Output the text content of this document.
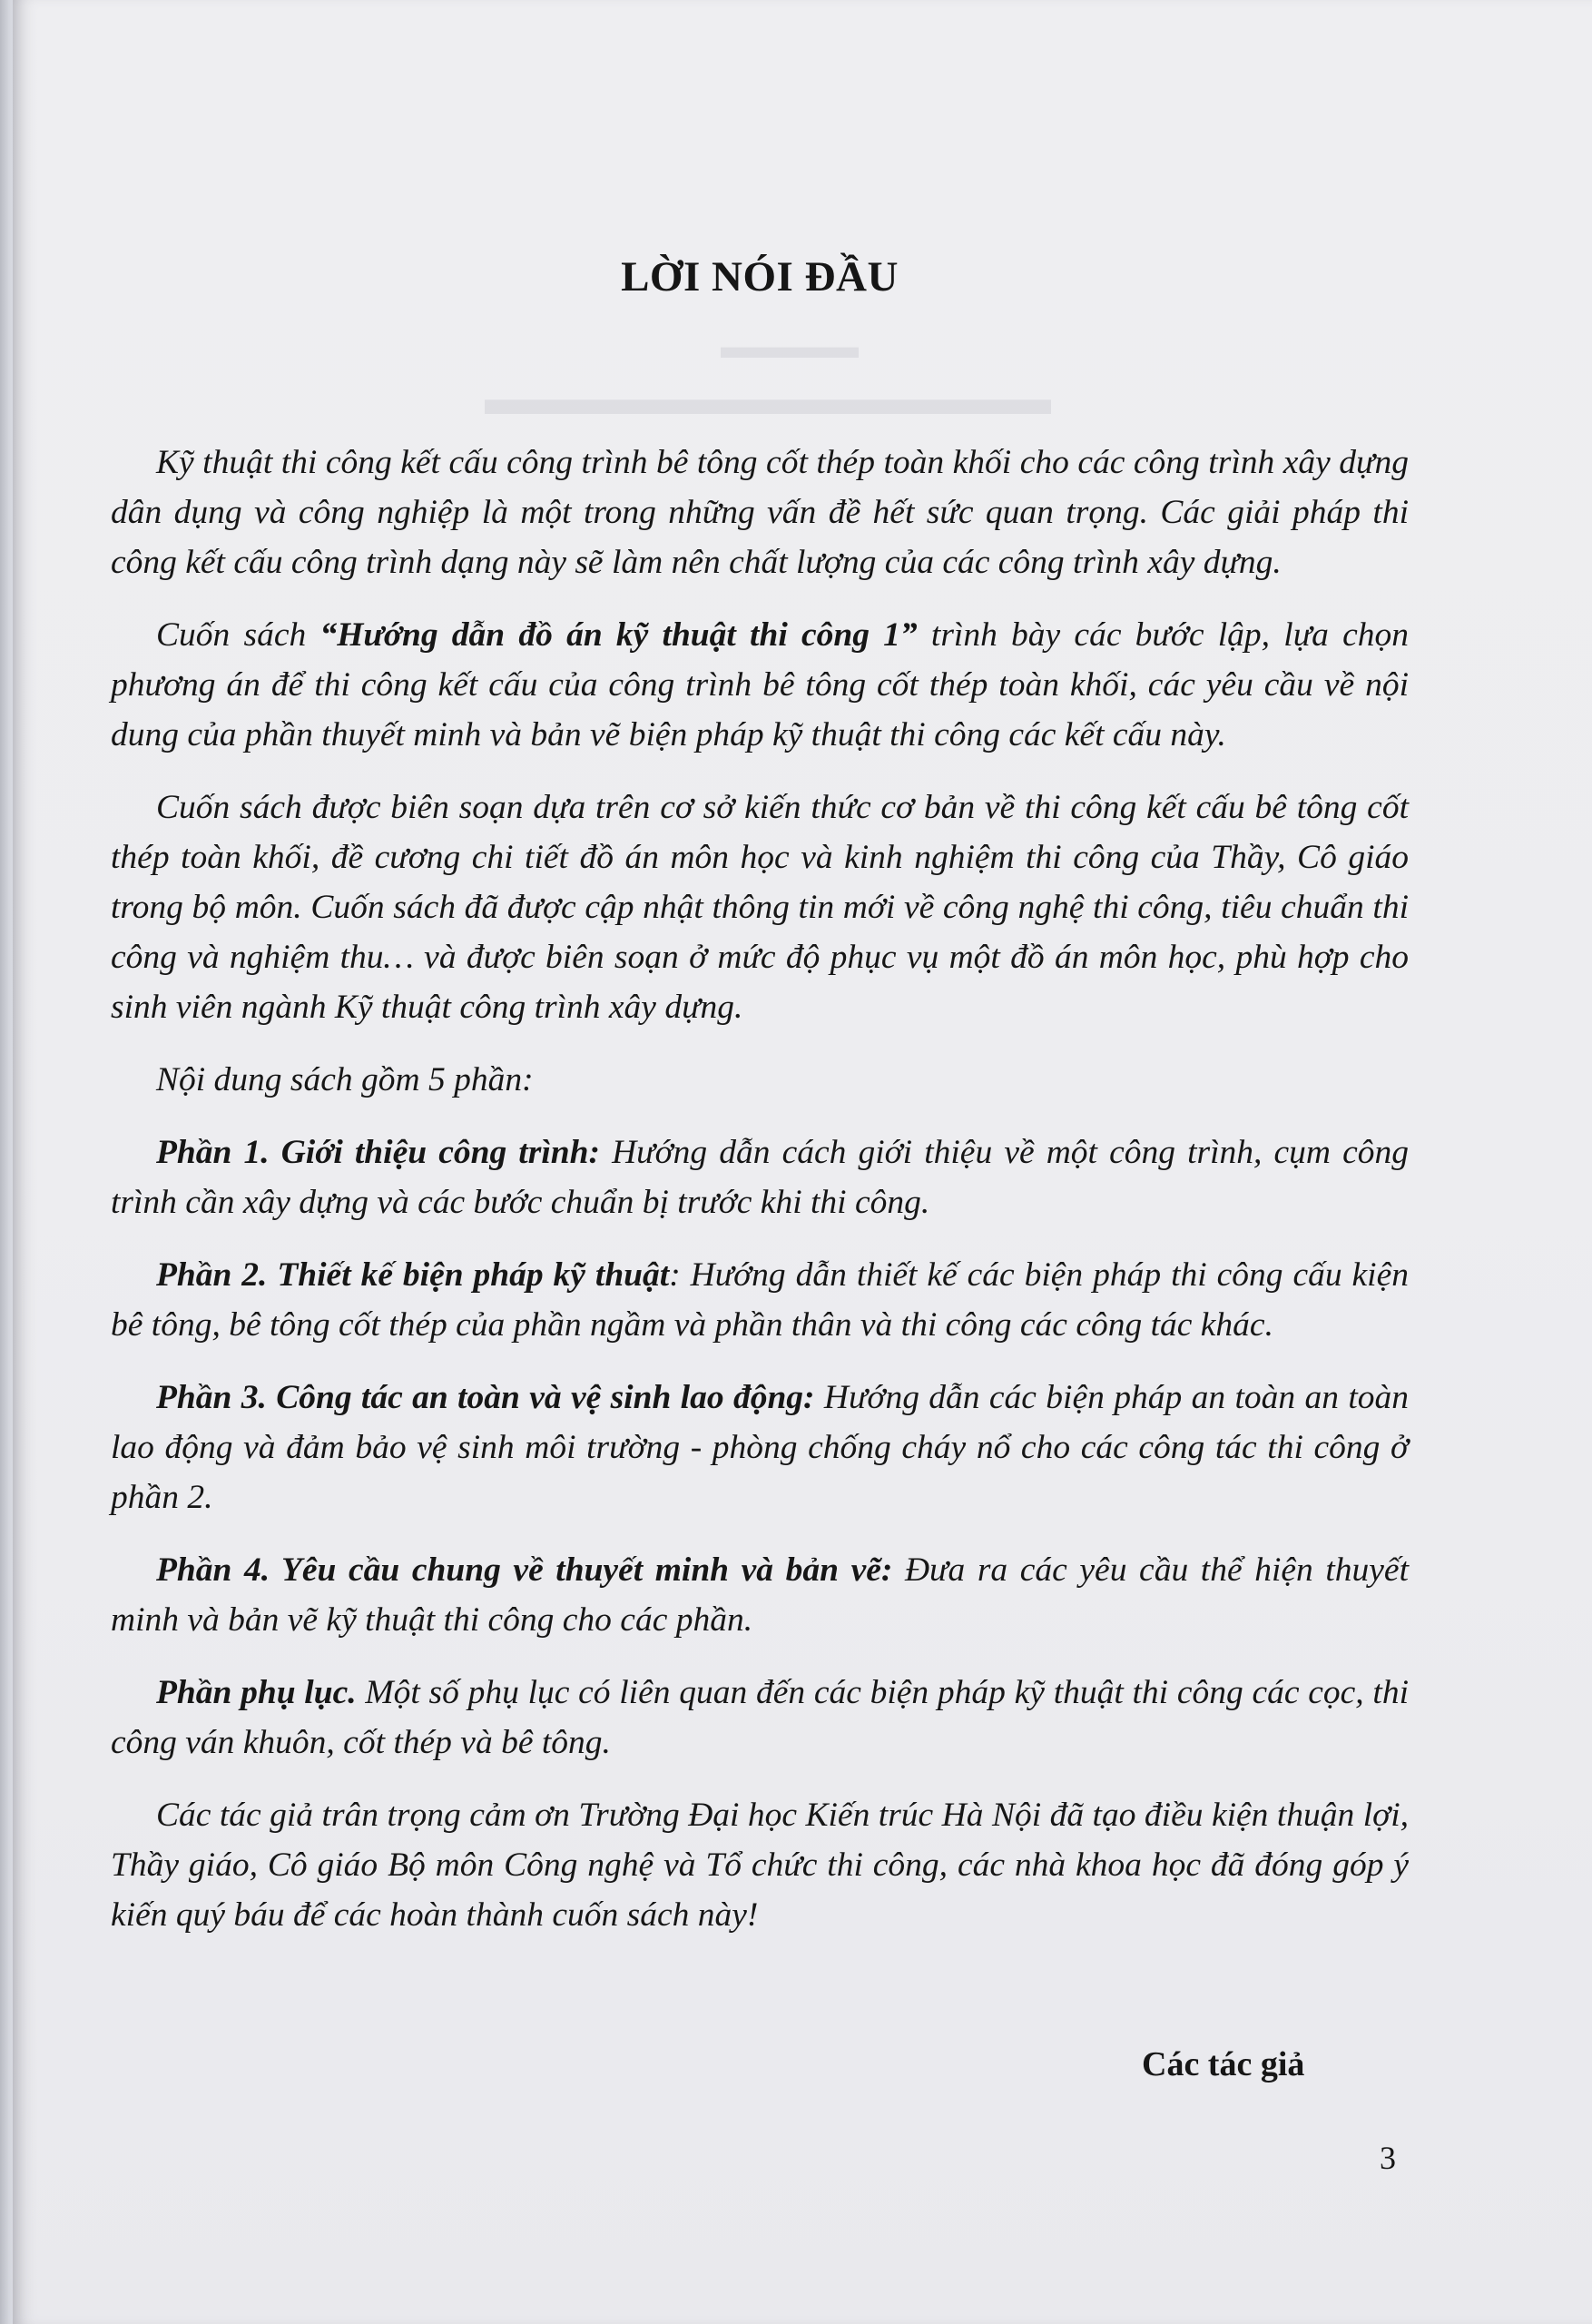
▬▬▬▬
▬▬▬▬▬▬▬▬▬▬▬▬
LỜI NÓI ĐẦU

Kỹ thuật thi công kết cấu công trình bê tông cốt thép toàn khối cho các công trình xây dựng dân dụng và công nghiệp là một trong những vấn đề hết sức quan trọng. Các giải pháp thi công kết cấu công trình dạng này sẽ làm nên chất lượng của các công trình xây dựng.

Cuốn sách “Hướng dẫn đồ án kỹ thuật thi công 1” trình bày các bước lập, lựa chọn phương án để thi công kết cấu của công trình bê tông cốt thép toàn khối, các yêu cầu về nội dung của phần thuyết minh và bản vẽ biện pháp kỹ thuật thi công các kết cấu này.

Cuốn sách được biên soạn dựa trên cơ sở kiến thức cơ bản về thi công kết cấu bê tông cốt thép toàn khối, đề cương chi tiết đồ án môn học và kinh nghiệm thi công của Thầy, Cô giáo trong bộ môn. Cuốn sách đã được cập nhật thông tin mới về công nghệ thi công, tiêu chuẩn thi công và nghiệm thu… và được biên soạn ở mức độ phục vụ một đồ án môn học, phù hợp cho sinh viên ngành Kỹ thuật công trình xây dựng.

Nội dung sách gồm 5 phần:

Phần 1. Giới thiệu công trình: Hướng dẫn cách giới thiệu về một công trình, cụm công trình cần xây dựng và các bước chuẩn bị trước khi thi công.

Phần 2. Thiết kế biện pháp kỹ thuật: Hướng dẫn thiết kế các biện pháp thi công cấu kiện bê tông, bê tông cốt thép của phần ngầm và phần thân và thi công các công tác khác.

Phần 3. Công tác an toàn và vệ sinh lao động: Hướng dẫn các biện pháp an toàn an toàn lao động và đảm bảo vệ sinh môi trường - phòng chống cháy nổ cho các công tác thi công ở phần 2.

Phần 4. Yêu cầu chung về thuyết minh và bản vẽ: Đưa ra các yêu cầu thể hiện thuyết minh và bản vẽ kỹ thuật thi công cho các phần.

Phần phụ lục. Một số phụ lục có liên quan đến các biện pháp kỹ thuật thi công các cọc, thi công ván khuôn, cốt thép và bê tông.

Các tác giả trân trọng cảm ơn Trường Đại học Kiến trúc Hà Nội đã tạo điều kiện thuận lợi, Thầy giáo, Cô giáo Bộ môn Công nghệ và Tổ chức thi công, các nhà khoa học đã đóng góp ý kiến quý báu để các hoàn thành cuốn sách này!

Các tác giả

3
